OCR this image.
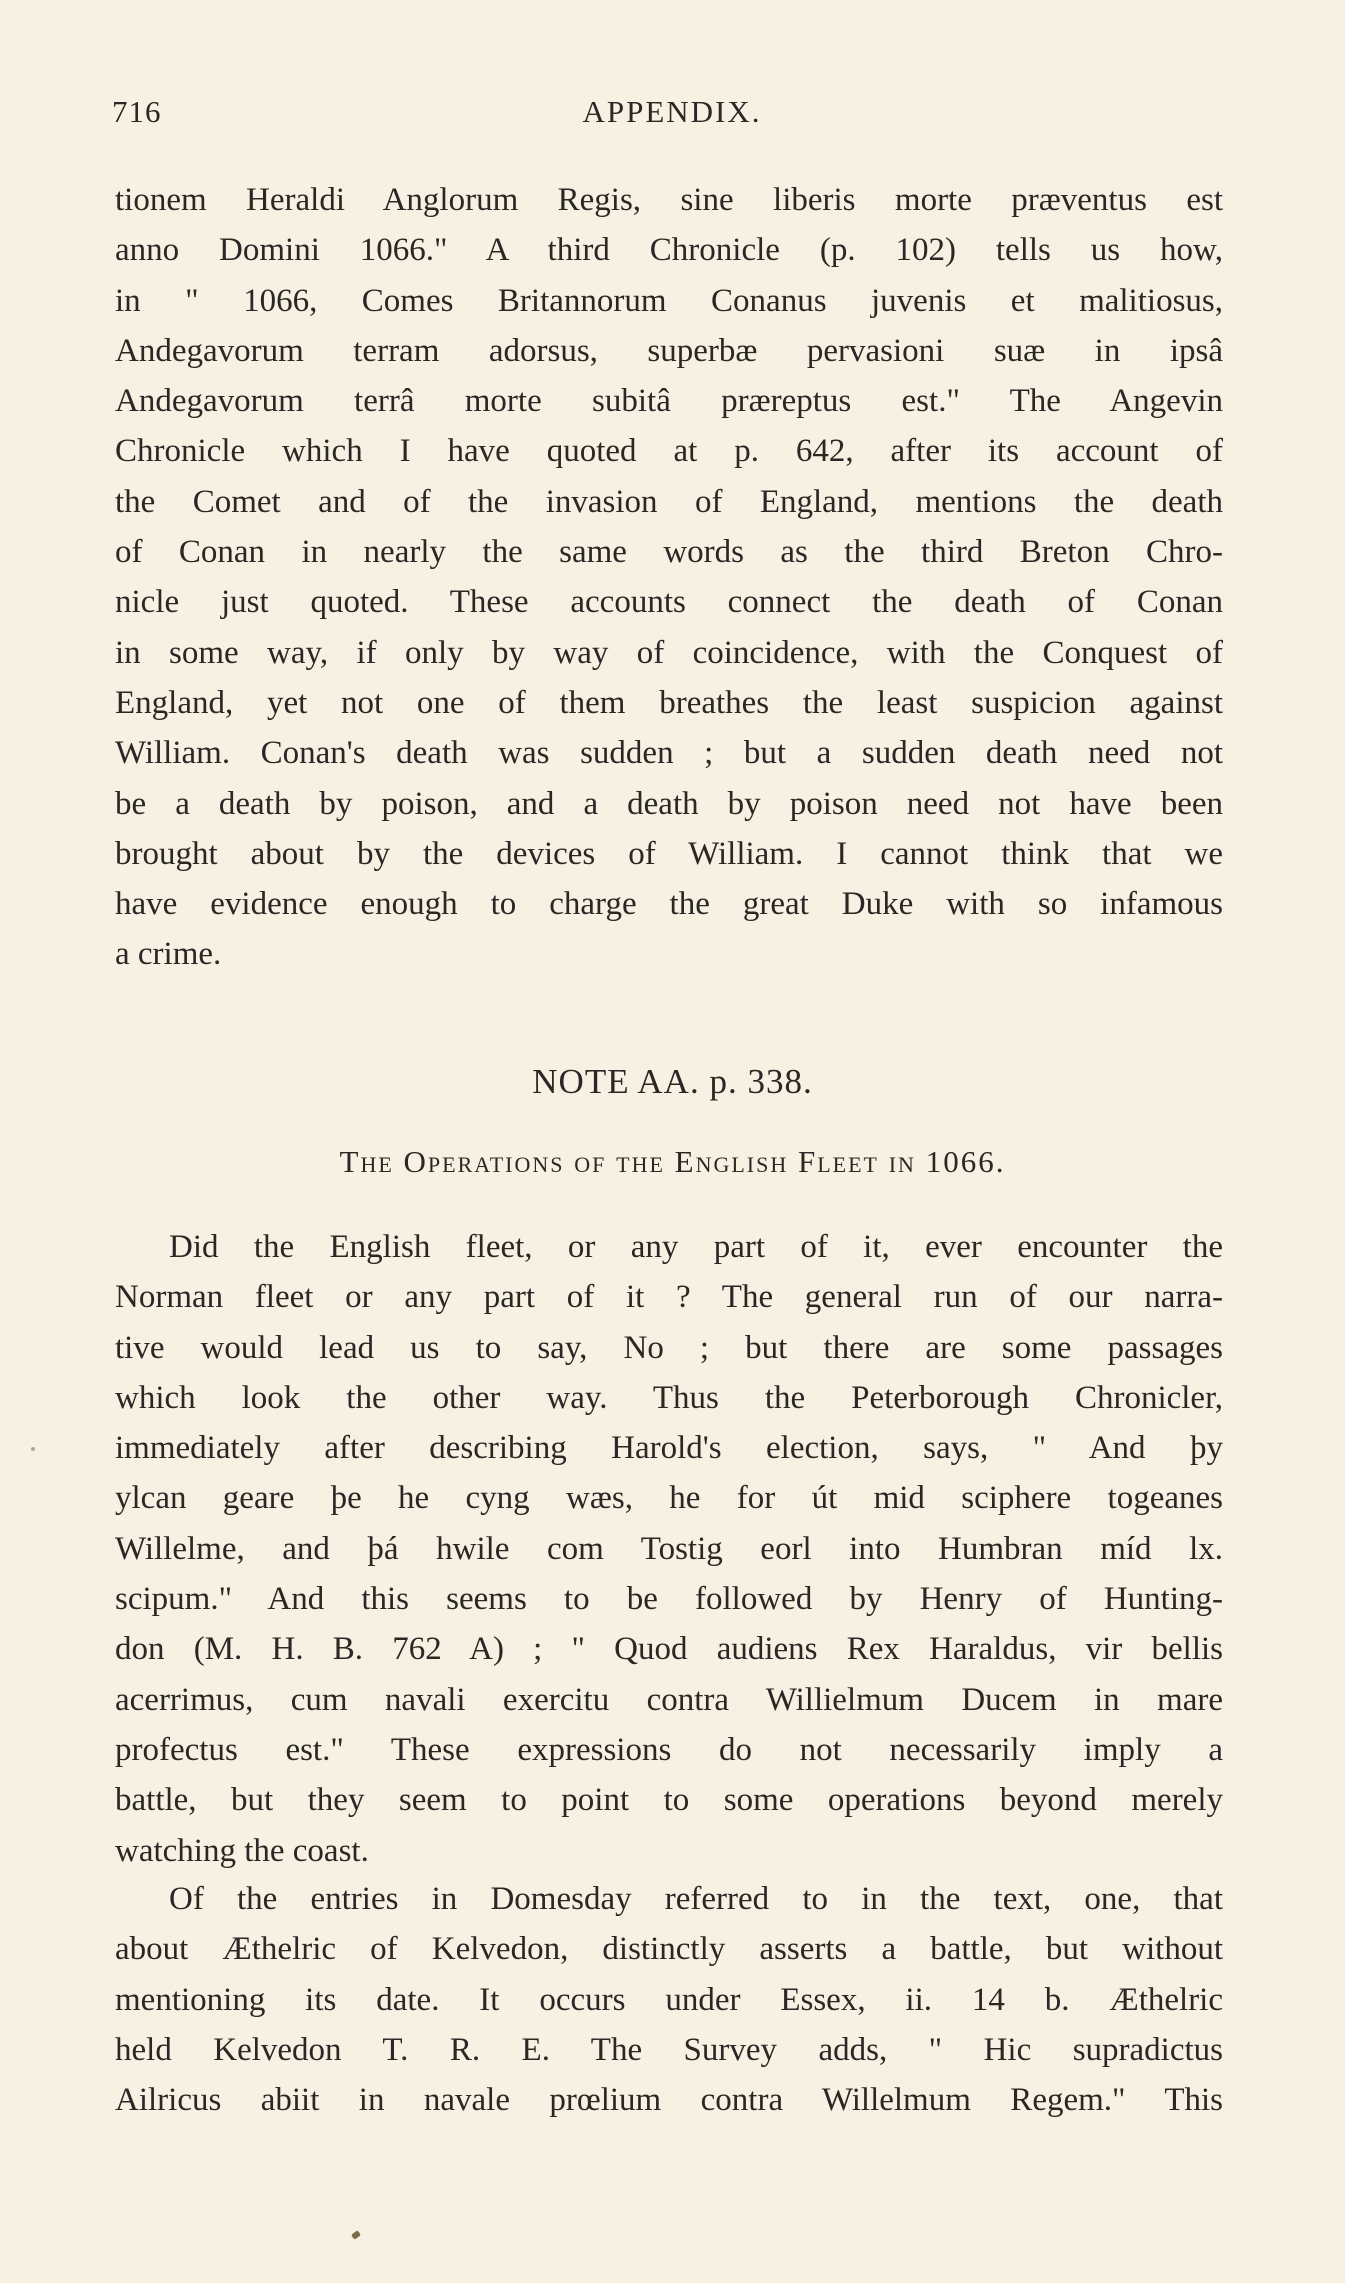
716	APPENDIX.
tionem Heraldi Anglorum Regis, sine liberis morte præventus est
anno Domini 1066." A third Chronicle (p. 102) tells us how,
in " 1066, Comes Britannorum Conanus juvenis et malitiosus,
Andegavorum terram adorsus, superbæ pervasioni suæ in ipsâ
Andegavorum terrâ morte subitâ præreptus est." The Angevin
Chronicle which I have quoted at p. 642, after its account of
the Comet and of the invasion of England, mentions the death
of Conan in nearly the same words as the third Breton Chro-
nicle just quoted. These accounts connect the death of Conan
in some way, if only by way of coincidence, with the Conquest of
England, yet not one of them breathes the least suspicion against
William. Conan's death was sudden ; but a sudden death need not
be a death by poison, and a death by poison need not have been
brought about by the devices of William. I cannot think that we
have evidence enough to charge the great Duke with so infamous
a crime.
NOTE AA. p. 338.
The Operations of the English Fleet in 1066.
Did the English fleet, or any part of it, ever encounter the
Norman fleet or any part of it ? The general run of our narra-
tive would lead us to say, No ; but there are some passages
which look the other way. Thus the Peterborough Chronicler,
immediately after describing Harold's election, says, " And þy
ylcan geare þe he cyng wæs, he for út mid sciphere togeanes
Willelme, and þá hwile com Tostig eorl into Humbran míd lx.
scipum." And this seems to be followed by Henry of Hunting-
don (M. H. B. 762 A) ; " Quod audiens Rex Haraldus, vir bellis
acerrimus, cum navali exercitu contra Willielmum Ducem in mare
profectus est." These expressions do not necessarily imply a
battle, but they seem to point to some operations beyond merely
watching the coast.
Of the entries in Domesday referred to in the text, one, that
about Æthelric of Kelvedon, distinctly asserts a battle, but without
mentioning its date. It occurs under Essex, ii. 14 b. Æthelric
held Kelvedon T. R. E. The Survey adds, " Hic supradictus
Ailricus abiit in navale prœlium contra Willelmum Regem." This
